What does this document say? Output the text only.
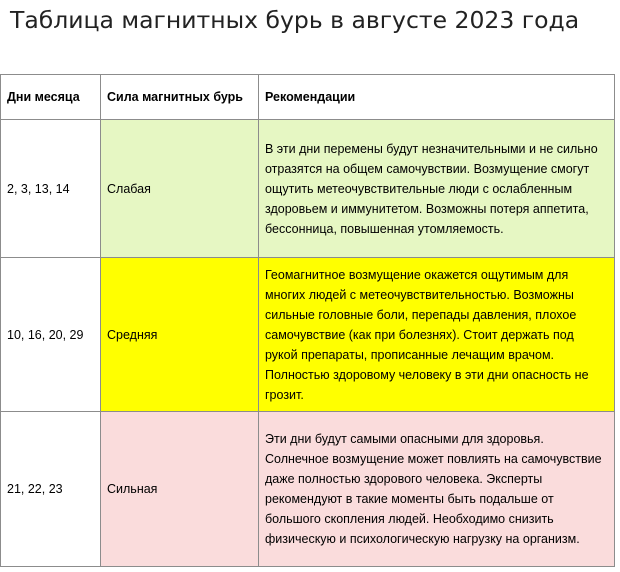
Таблица магнитных бурь в августе 2023 года
Дни месяца	Сила магнитных бурь	Рекомендации
2, 3, 13, 14	Слабая	В эти дни перемены будут незначительными и не сильно отразятся на общем самочувствии. Возмущение смогут ощутить метеочувствительные люди с ослабленным здоровьем и иммунитетом. Возможны потеря аппетита, бессонница, повышенная утомляемость.
10, 16, 20, 29	Средняя	Геомагнитное возмущение окажется ощутимым для многих людей с метеочувствительностью. Возможны сильные головные боли, перепады давления, плохое самочувствие (как при болезнях). Стоит держать под рукой препараты, прописанные лечащим врачом. Полностью здоровому человеку в эти дни опасность не грозит.
21, 22, 23	Сильная	Эти дни будут самыми опасными для здоровья. Солнечное возмущение может повлиять на самочувствие даже полностью здорового человека. Эксперты рекомендуют в такие моменты быть подальше от большого скопления людей. Необходимо снизить физическую и психологическую нагрузку на организм.
